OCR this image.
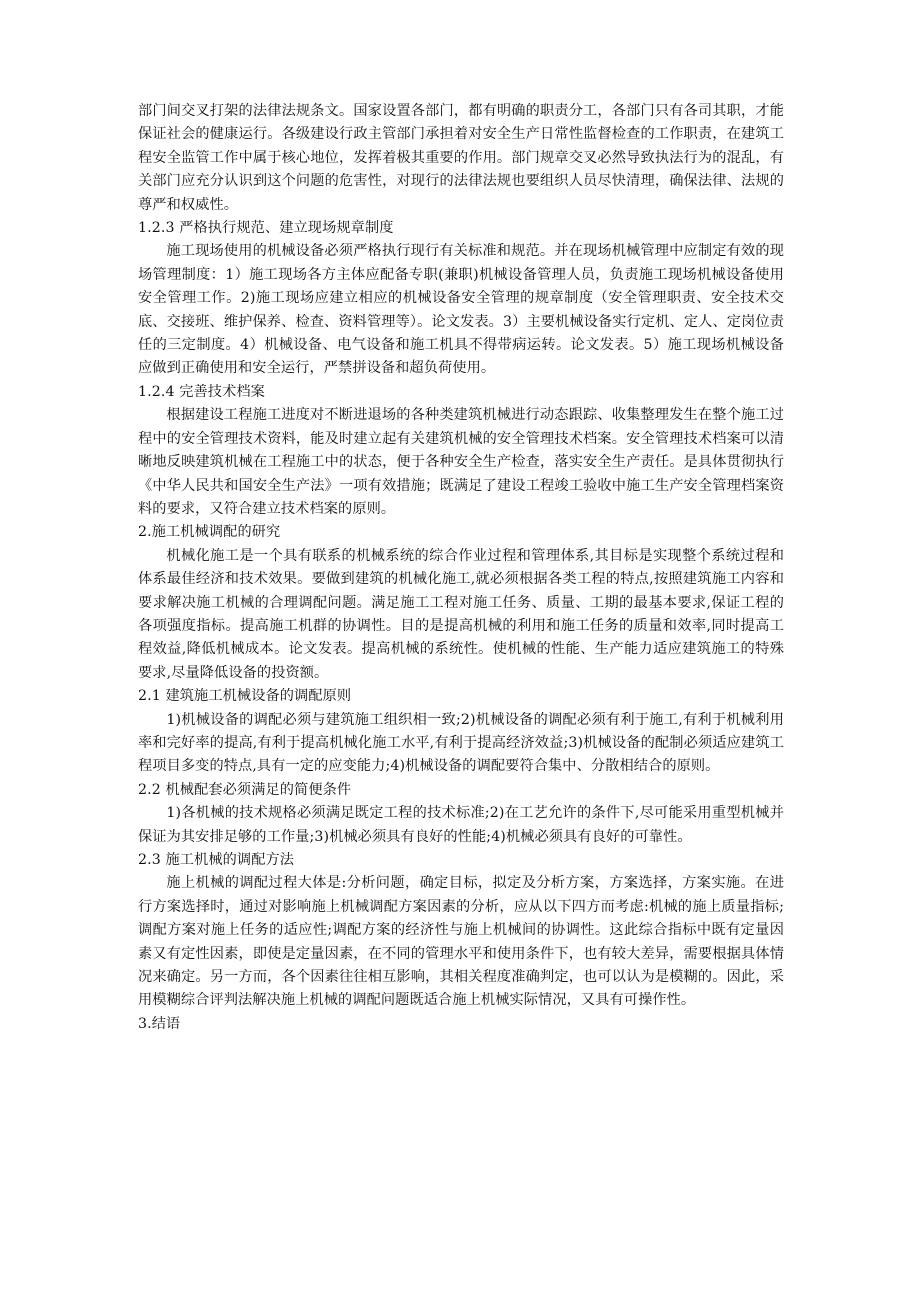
部门间交叉打架的法律法规条文。国家设置各部门，都有明确的职责分工，各部门只有各司其职，才能保证社会的健康运行。各级建设行政主管部门承担着对安全生产日常性监督检查的工作职责，在建筑工程安全监管工作中属于核心地位，发挥着极其重要的作用。部门规章交叉必然导致执法行为的混乱，有关部门应充分认识到这个问题的危害性，对现行的法律法规也要组织人员尽快清理，确保法律、法规的尊严和权威性。

1.2.3 严格执行规范、建立现场规章制度

施工现场使用的机械设备必须严格执行现行有关标准和规范。并在现场机械管理中应制定有效的现场管理制度：1）施工现场各方主体应配备专职(兼职)机械设备管理人员，负责施工现场机械设备使用安全管理工作。2)施工现场应建立相应的机械设备安全管理的规章制度（安全管理职责、安全技术交底、交接班、维护保养、检查、资料管理等）。论文发表。3）主要机械设备实行定机、定人、定岗位责任的三定制度。4）机械设备、电气设备和施工机具不得带病运转。论文发表。5）施工现场机械设备应做到正确使用和安全运行，严禁拼设备和超负荷使用。

1.2.4 完善技术档案

根据建设工程施工进度对不断进退场的各种类建筑机械进行动态跟踪、收集整理发生在整个施工过程中的安全管理技术资料，能及时建立起有关建筑机械的安全管理技术档案。安全管理技术档案可以清晰地反映建筑机械在工程施工中的状态，便于各种安全生产检查，落实安全生产责任。是具体贯彻执行《中华人民共和国安全生产法》一项有效措施；既满足了建设工程竣工验收中施工生产安全管理档案资料的要求，又符合建立技术档案的原则。

2.施工机械调配的研究

机械化施工是一个具有联系的机械系统的综合作业过程和管理体系,其目标是实现整个系统过程和体系最佳经济和技术效果。要做到建筑的机械化施工,就必须根据各类工程的特点,按照建筑施工内容和要求解决施工机械的合理调配问题。满足施工工程对施工任务、质量、工期的最基本要求,保证工程的各项强度指标。提高施工机群的协调性。目的是提高机械的利用和施工任务的质量和效率,同时提高工程效益,降低机械成本。论文发表。提高机械的系统性。使机械的性能、生产能力适应建筑施工的特殊要求,尽量降低设备的投资额。

2.1 建筑施工机械设备的调配原则

1)机械设备的调配必须与建筑施工组织相一致;2)机械设备的调配必须有利于施工,有利于机械利用率和完好率的提高,有利于提高机械化施工水平,有利于提高经济效益;3)机械设备的配制必须适应建筑工程项目多变的特点,具有一定的应变能力;4)机械设备的调配要符合集中、分散相结合的原则。

2.2 机械配套必须满足的简便条件

1)各机械的技术规格必须满足既定工程的技术标准;2)在工艺允许的条件下,尽可能采用重型机械并保证为其安排足够的工作量;3)机械必须具有良好的性能;4)机械必须具有良好的可靠性。

2.3 施工机械的调配方法

施上机械的调配过程大体是:分析问题，确定目标，拟定及分析方案，方案选择，方案实施。在进行方案选择时，通过对影响施上机械调配方案因素的分析，应从以下四方而考虑:机械的施上质量指标;调配方案对施上任务的适应性;调配方案的经济性与施上机械间的协调性。这此综合指标中既有定量因素又有定性因素，即使是定量因素，在不同的管理水平和使用条件下，也有较大差异，需要根据具体情况来确定。另一方而，各个因素往往相互影响，其相关程度准确判定，也可以认为是模糊的。因此，采用模糊综合评判法解决施上机械的调配问题既适合施上机械实际情况，又具有可操作性。

3.结语
